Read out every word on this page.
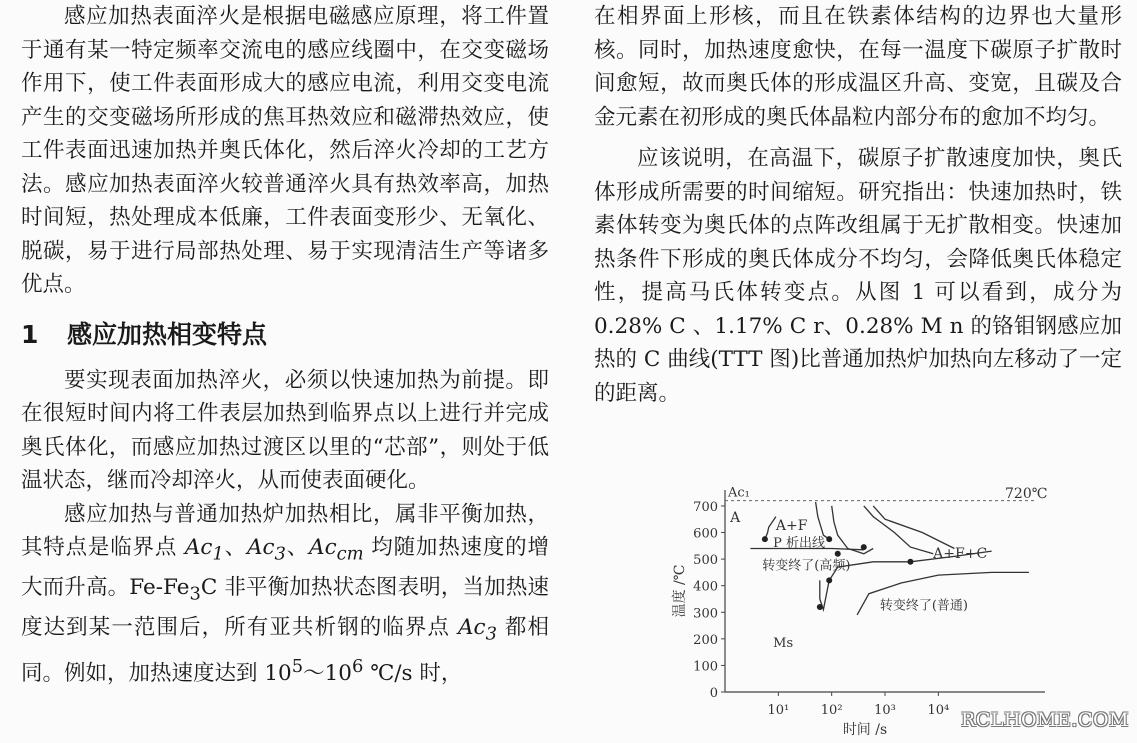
感应加热表面淬火是根据电磁感应原理，将工件置于通有某一特定频率交流电的感应线圈中，在交变磁场作用下，使工件表面形成大的感应电流，利用交变电流产生的交变磁场所形成的焦耳热效应和磁滞热效应，使工件表面迅速加热并奥氏体化，然后淬火冷却的工艺方法。感应加热表面淬火较普通淬火具有热效率高，加热时间短，热处理成本低廉，工件表面变形少、无氧化、脱碳，易于进行局部热处理、易于实现清洁生产等诸多优点。

1 感应加热相变特点

要实现表面加热淬火，必须以快速加热为前提。即在很短时间内将工件表层加热到临界点以上进行并完成奥氏体化，而感应加热过渡区以里的“芯部”，则处于低温状态，继而冷却淬火，从而使表面硬化。

感应加热与普通加热炉加热相比，属非平衡加热，其特点是临界点 $Ac_1$、$Ac_3$、$Ac_{cm}$ 均随加热速度的增大而升高。$Fe-Fe_3C$ 非平衡加热状态图表明，当加热速度达到某一范围后，所有亚共析钢的临界点 $Ac_3$ 都相同。例如，加热速度达到 $10^5\sim 10^6$ ℃/s 时，

在相界面上形核，而且在铁素体结构的边界也大量形核。同时，加热速度愈快，在每一温度下碳原子扩散时间愈短，故而奥氏体的形成温区升高、变宽，且碳及合金元素在初形成的奥氏体晶粒内部分布的愈加不均匀。

应该说明，在高温下，碳原子扩散速度加快，奥氏体形成所需要的时间缩短。研究指出：快速加热时，铁素体转变为奥氏体的点阵改组属于无扩散相变。快速加热条件下形成的奥氏体成分不均匀，会降低奥氏体稳定性，提高马氏体转变点。从图 1 可以看到，成分为 0.28% C 、1.17% C r、0.28% M n 的铬钼钢感应加热的 C 曲线(TTT 图)比普通加热炉加热向左移动了一定的距离。

0
100
200
300
400
500
600
700
10¹ 10² 10³ 10⁴
时间 /s
温度 /℃
Ac₁	720℃
A	A+F
A+F+C
P 析出线
转变终了(高频)
转变终了(普通)
Ms
RCLHOME.COM
